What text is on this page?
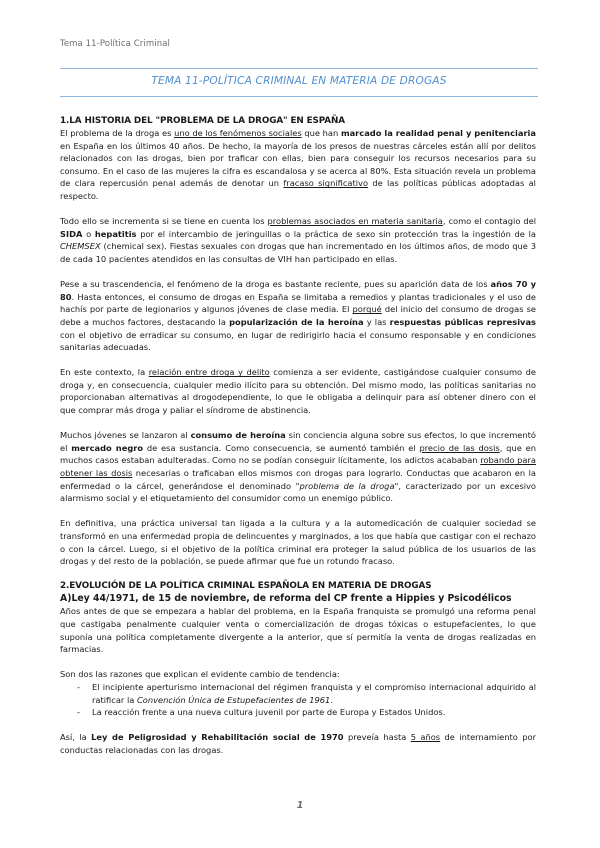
Tema 11-Política Criminal
TEMA 11-POLÍTICA CRIMINAL EN MATERIA DE DROGAS
1.LA HISTORIA DEL "PROBLEMA DE LA DROGA" EN ESPAÑA

El problema de la droga es uno de los fenómenos sociales que han marcado la realidad penal y penitenciaria en España en los últimos 40 años. De hecho, la mayoría de los presos de nuestras cárceles están allí por delitos relacionados con las drogas, bien por traficar con ellas, bien para conseguir los recursos necesarios para su consumo. En el caso de las mujeres la cifra es escandalosa y se acerca al 80%. Esta situación revela un problema de clara repercusión penal además de denotar un fracaso significativo de las políticas públicas adoptadas al respecto.

Todo ello se incrementa si se tiene en cuenta los problemas asociados en materia sanitaria, como el contagio del SIDA o hepatitis por el intercambio de jeringuillas o la práctica de sexo sin protección tras la ingestión de la CHEMSEX (chemical sex). Fiestas sexuales con drogas que han incrementado en los últimos años, de modo que 3 de cada 10 pacientes atendidos en las consultas de VIH han participado en ellas.

Pese a su trascendencia, el fenómeno de la droga es bastante reciente, pues su aparición data de los años 70 y 80. Hasta entonces, el consumo de drogas en España se limitaba a remedios y plantas tradicionales y el uso de hachís por parte de legionarios y algunos jóvenes de clase media. El porqué del inicio del consumo de drogas se debe a muchos factores, destacando la popularización de la heroína y las respuestas públicas represivas con el objetivo de erradicar su consumo, en lugar de redirigirlo hacia el consumo responsable y en condiciones sanitarias adecuadas.

En este contexto, la relación entre droga y delito comienza a ser evidente, castigándose cualquier consumo de droga y, en consecuencia, cualquier medio ilícito para su obtención. Del mismo modo, las políticas sanitarias no proporcionaban alternativas al drogodependiente, lo que le obligaba a delinquir para así obtener dinero con el que comprar más droga y paliar el síndrome de abstinencia.

Muchos jóvenes se lanzaron al consumo de heroína sin conciencia alguna sobre sus efectos, lo que incrementó el mercado negro de esa sustancia. Como consecuencia, se aumentó también el precio de las dosis, que en muchos casos estaban adulteradas. Como no se podían conseguir lícitamente, los adictos acababan robando para obtener las dosis necesarias o traficaban ellos mismos con drogas para lograrlo. Conductas que acabaron en la enfermedad o la cárcel, generándose el denominado "problema de la droga", caracterizado por un excesivo alarmismo social y el etiquetamiento del consumidor como un enemigo público.

En definitiva, una práctica universal tan ligada a la cultura y a la automedicación de cualquier sociedad se transformó en una enfermedad propia de delincuentes y marginados, a los que había que castigar con el rechazo o con la cárcel. Luego, si el objetivo de la política criminal era proteger la salud pública de los usuarios de las drogas y del resto de la población, se puede afirmar que fue un rotundo fracaso.

2.EVOLUCIÓN DE LA POLÍTICA CRIMINAL ESPAÑOLA EN MATERIA DE DROGAS
A)Ley 44/1971, de 15 de noviembre, de reforma del CP frente a Hippies y Psicodélicos

Años antes de que se empezara a hablar del problema, en la España franquista se promulgó una reforma penal que castigaba penalmente cualquier venta o comercialización de drogas tóxicas o estupefacientes, lo que suponía una política completamente divergente a la anterior, que sí permitía la venta de drogas realizadas en farmacias.

Son dos las razones que explican el evidente cambio de tendencia:

- El incipiente aperturismo internacional del régimen franquista y el compromiso internacional adquirido al ratificar la Convención Única de Estupefacientes de 1961.
- La reacción frente a una nueva cultura juvenil por parte de Europa y Estados Unidos.

Así, la Ley de Peligrosidad y Rehabilitación social de 1970 preveía hasta 5 años de internamiento por conductas relacionadas con las drogas.

1
